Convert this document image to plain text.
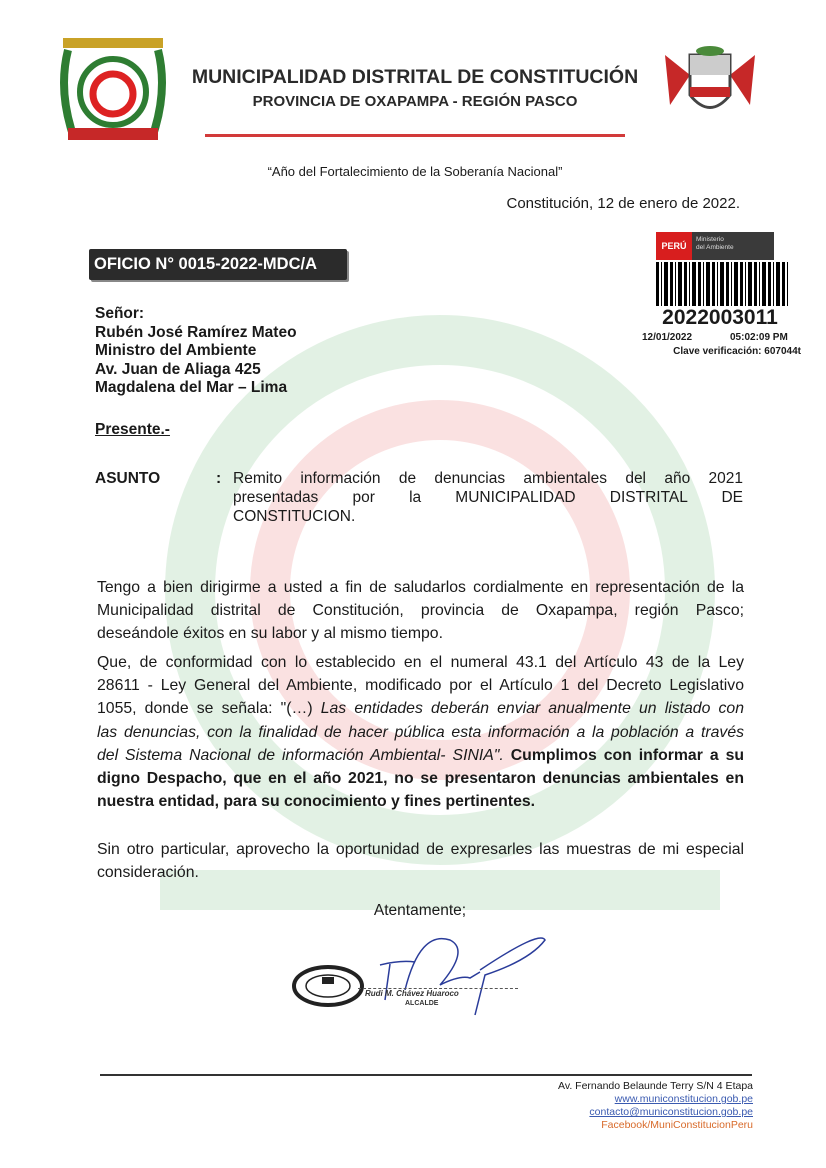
MUNICIPALIDAD DISTRITAL DE CONSTITUCIÓN
PROVINCIA DE OXAPAMPA - REGIÓN PASCO
“Año del Fortalecimiento de la Soberanía Nacional”
Constitución, 12 de enero de 2022.
OFICIO N° 0015-2022-MDC/A
PERÚ
Ministerio
del Ambiente
2022003011
12/01/2022	05:02:09 PM
Clave verificación: 607044t
Señor:
Rubén José Ramírez Mateo
Ministro del Ambiente
Av. Juan de Aliaga 425
Magdalena del Mar – Lima
Presente.-
ASUNTO	: Remito información de denuncias ambientales del año 2021
presentadas por la MUNICIPALIDAD DISTRITAL DE
CONSTITUCION.
Tengo a bien dirigirme a usted a fin de saludarlos cordialmente en representación de la
Municipalidad distrital de Constitución, provincia de Oxapampa, región Pasco;
deseándole éxitos en su labor y al mismo tiempo.
Que, de conformidad con lo establecido en el numeral 43.1 del Artículo 43 de la Ley
28611 - Ley General del Ambiente, modificado por el Artículo 1 del Decreto Legislativo
1055, donde se señala: "(…) Las entidades deberán enviar anualmente un listado con
las denuncias, con la finalidad de hacer pública esta información a la población a través
del Sistema Nacional de información Ambiental- SINIA". Cumplimos con informar a su
digno Despacho, que en el año 2021, no se presentaron denuncias ambientales en
nuestra entidad, para su conocimiento y fines pertinentes.
Sin otro particular, aprovecho la oportunidad de expresarles las muestras de mi especial
consideración.
Atentamente;
Rudi M. Chávez Huaroco
ALCALDE
Av. Fernando Belaunde Terry S/N 4 Etapa
www.municonstitucion.gob.pe
contacto@municonstitucion.gob.pe
Facebook/MuniConstitucionPeru
